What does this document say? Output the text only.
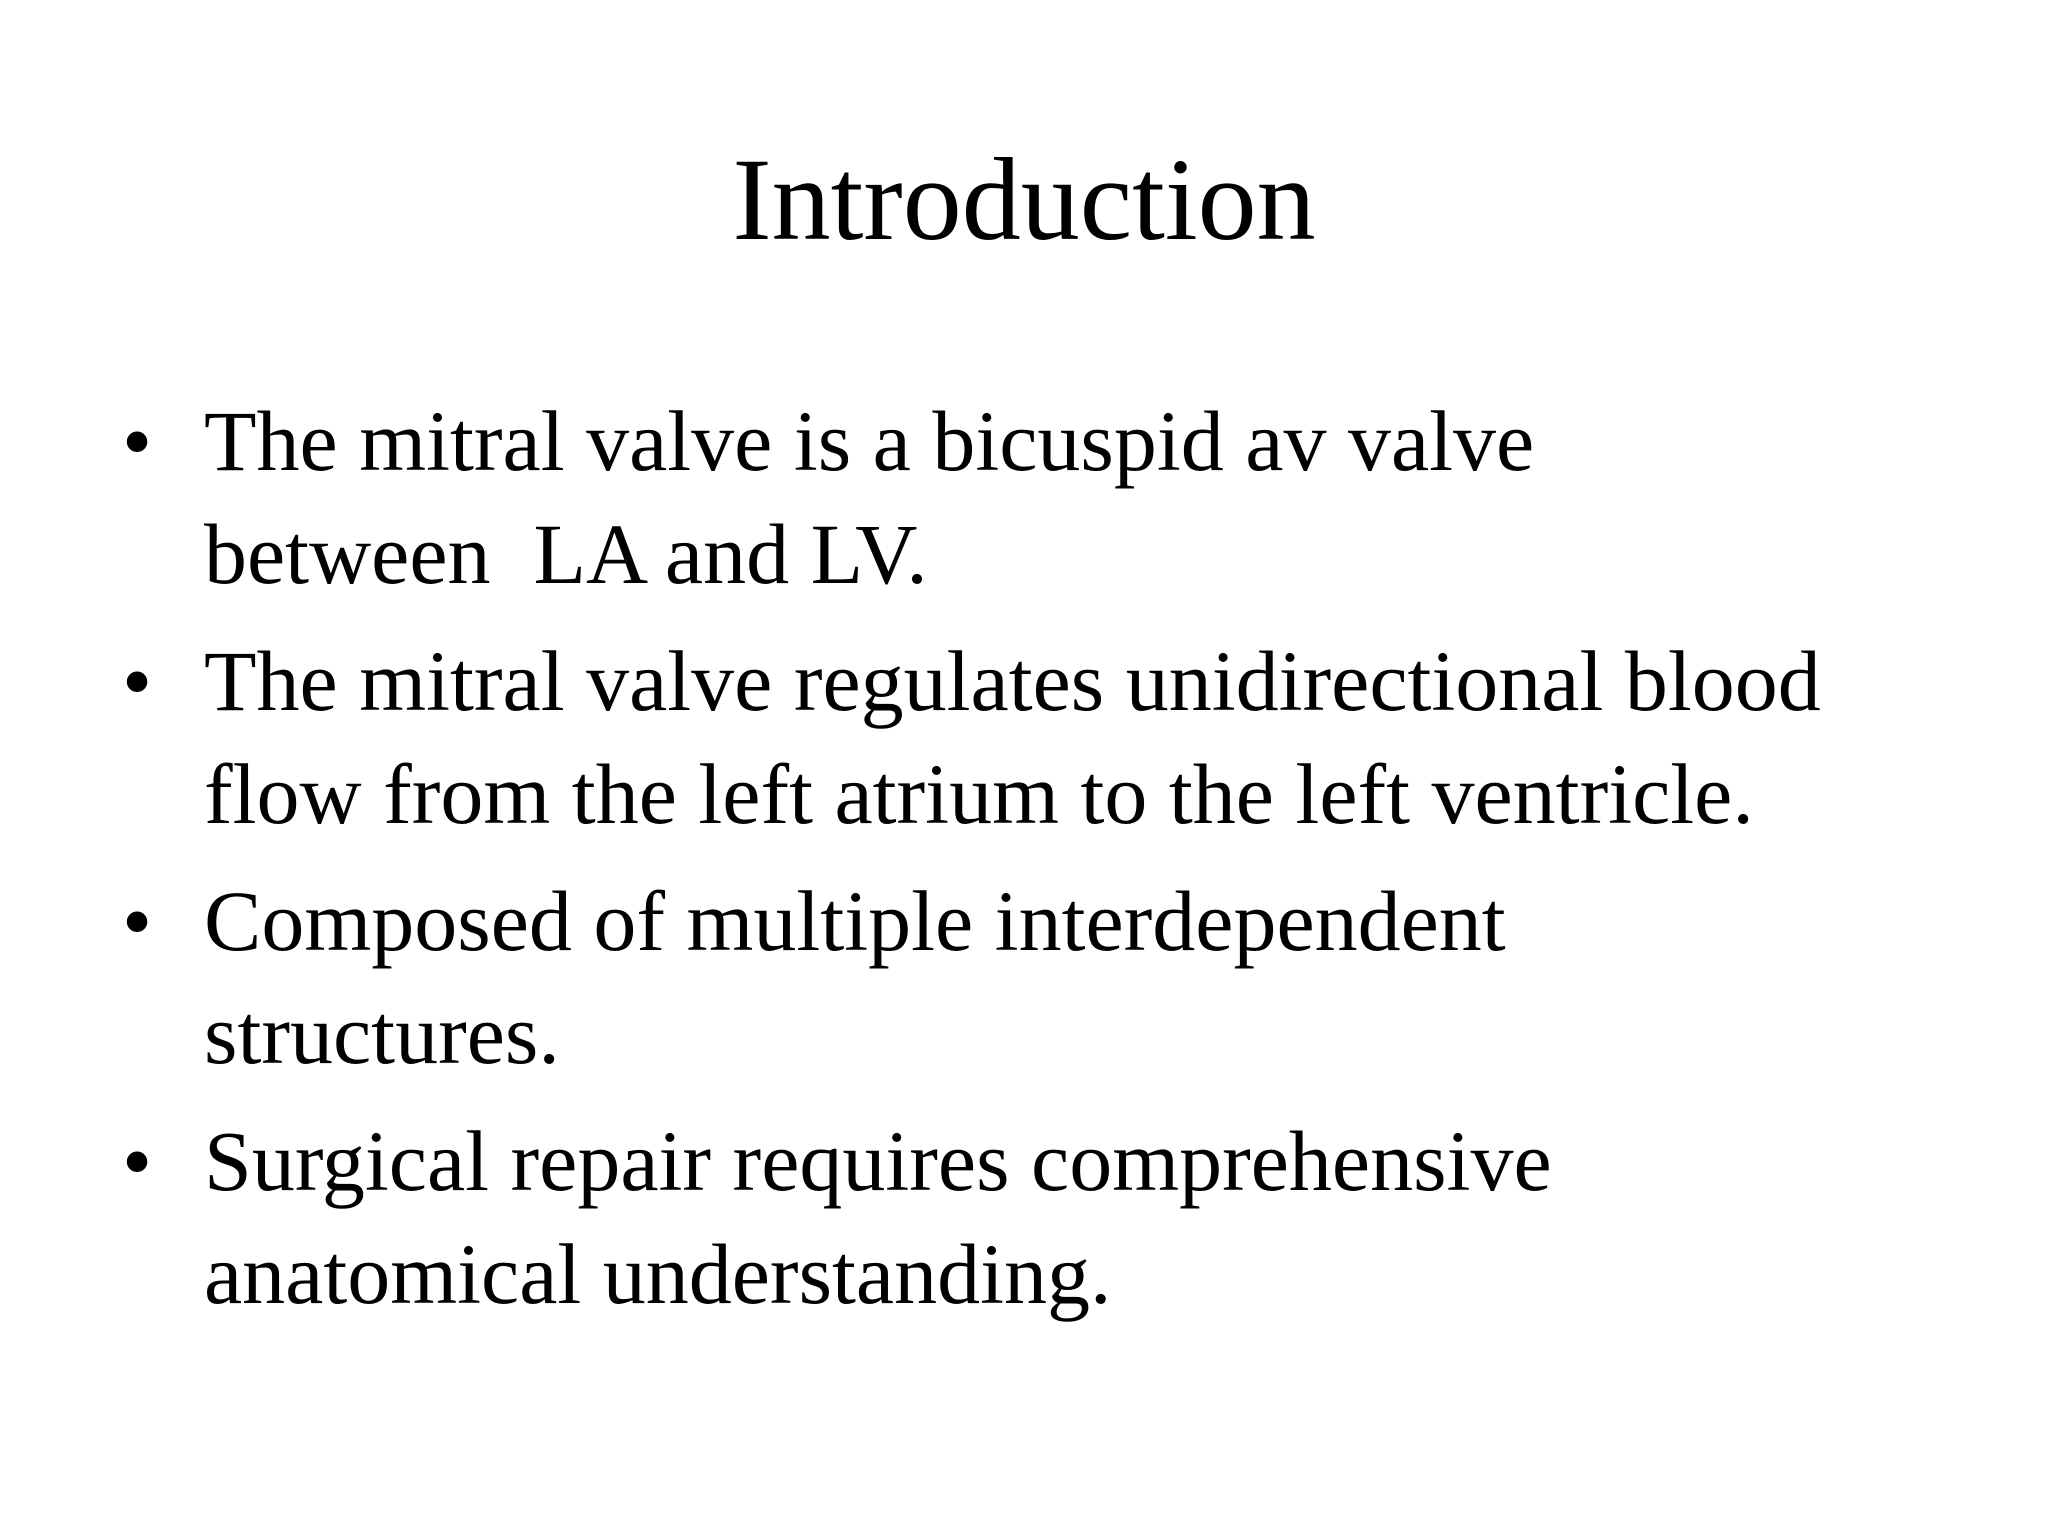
Introduction
• The mitral valve is a bicuspid av valve
between  LA and LV.
• The mitral valve regulates unidirectional blood
flow from the left atrium to the left ventricle.
• Composed of multiple interdependent
structures.
• Surgical repair requires comprehensive
anatomical understanding.
